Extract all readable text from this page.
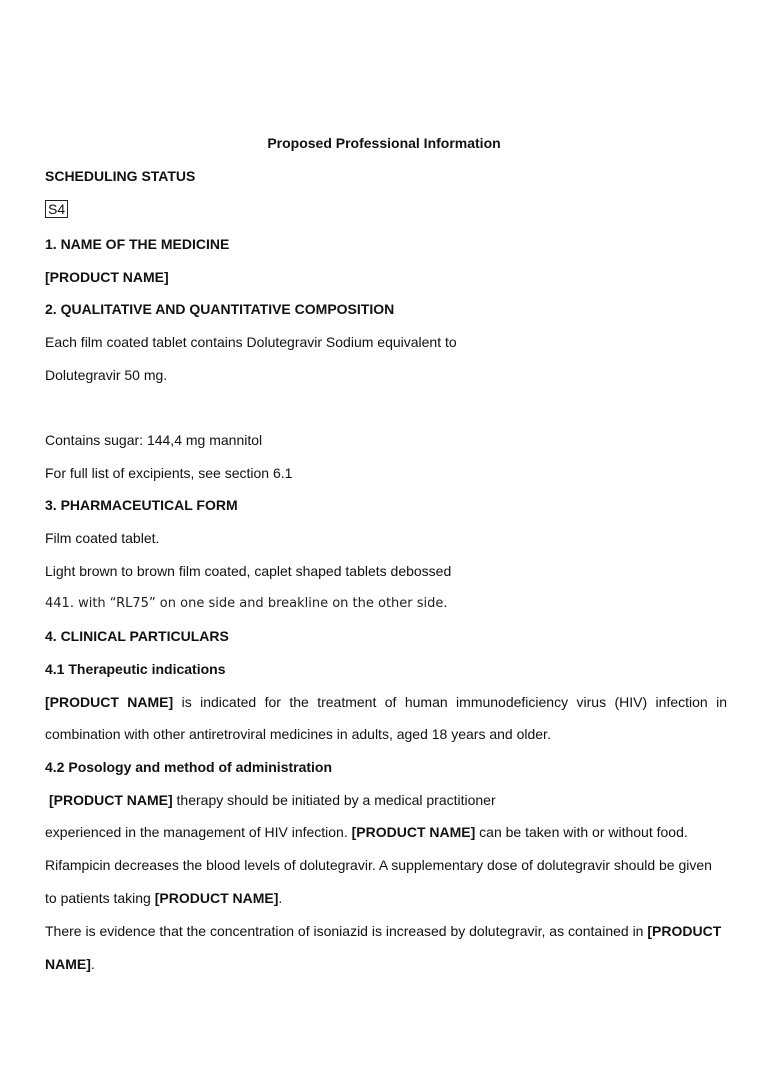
Proposed Professional Information
SCHEDULING STATUS
S4
1. NAME OF THE MEDICINE
[PRODUCT NAME]
2. QUALITATIVE AND QUANTITATIVE COMPOSITION
Each film coated tablet contains Dolutegravir Sodium equivalent to
Dolutegravir 50 mg.
Contains sugar: 144,4 mg mannitol
For full list of excipients, see section 6.1
3. PHARMACEUTICAL FORM
Film coated tablet.
Light brown to brown film coated, caplet shaped tablets debossed
441. with “RL75” on one side and breakline on the other side.
4. CLINICAL PARTICULARS
4.1 Therapeutic indications
[PRODUCT NAME] is indicated for the treatment of human immunodeficiency virus (HIV) infection in
combination with other antiretroviral medicines in adults, aged 18 years and older.
4.2 Posology and method of administration
[PRODUCT NAME] therapy should be initiated by a medical practitioner
experienced in the management of HIV infection. [PRODUCT NAME] can be taken with or without food.
Rifampicin decreases the blood levels of dolutegravir. A supplementary dose of dolutegravir should be given
to patients taking [PRODUCT NAME].
There is evidence that the concentration of isoniazid is increased by dolutegravir, as contained in [PRODUCT
NAME].
